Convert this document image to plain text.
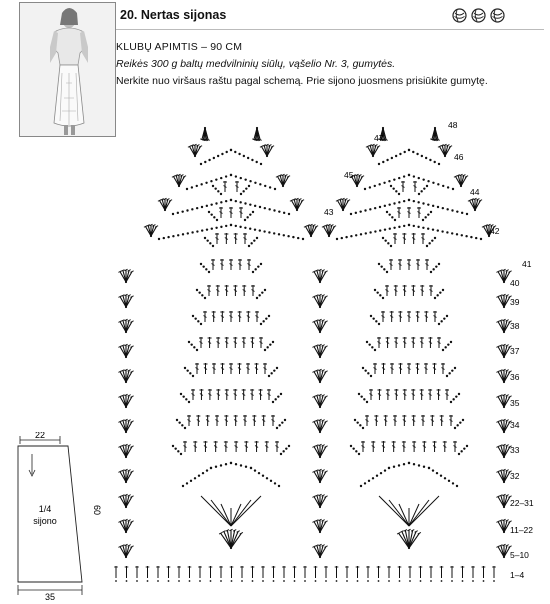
20. Nertas sijonas
KLUBŲ APIMTIS – 90 CM
Reikės 300 g baltų medvilninių siūlų, vąšelio Nr. 3, gumytės.
Nerkite nuo viršaus raštu pagal schemą. Prie sijono juosmens prisiūkite gumytę.
22
1/4
sijono
60
35
48
47
46
45
44
43
42
41
40
39
38
37
36
35
34
33
32
22–31
11–22
5–10
1–4
